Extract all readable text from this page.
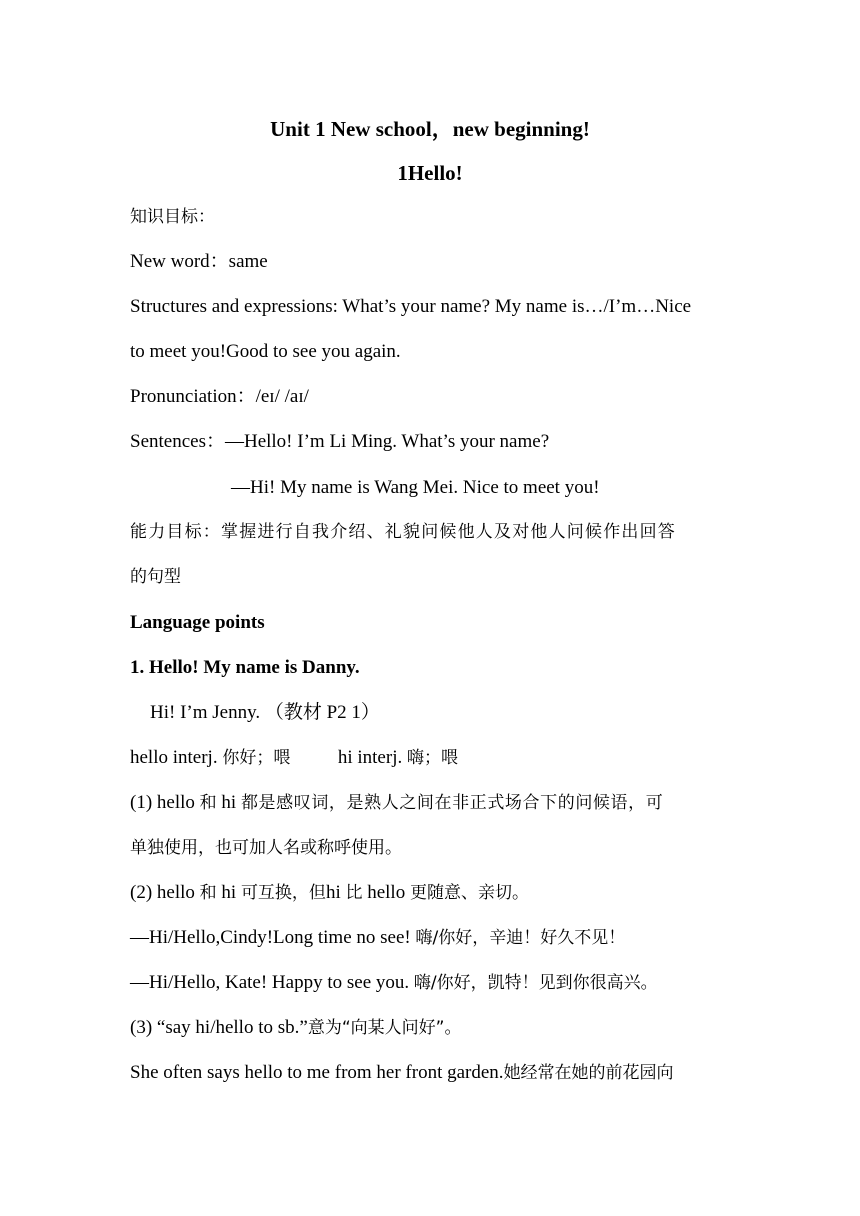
Unit 1 New school，new beginning!
1Hello!
知识目标：
New word：same
Structures and expressions: What’s your name? My name is…/I’m…Nice
to meet you!Good to see you again.
Pronunciation：/eɪ/ /aɪ/
Sentences：—Hello! I’m Li Ming. What’s your name?
—Hi! My name is Wang Mei. Nice to meet you!
能力目标：掌握进行自我介绍、礼貌问候他人及对他人问候作出回答
的句型
Language points
1. Hello! My name is Danny.
Hi! I’m Jenny. （教材 P2 1）
hello interj. 你好；喂	hi interj. 嗨；喂
(1) hello 和 hi 都是感叹词，是熟人之间在非正式场合下的问候语，可
单独使用，也可加人名或称呼使用。
(2) hello 和 hi 可互换，但hi 比 hello 更随意、亲切。
—Hi/Hello,Cindy!Long time no see! 嗨/你好，辛迪！好久不见！
—Hi/Hello, Kate! Happy to see you. 嗨/你好，凯特！见到你很高兴。
(3) “say hi/hello to sb.”意为“向某人问好”。
She often says hello to me from her front garden.她经常在她的前花园向
